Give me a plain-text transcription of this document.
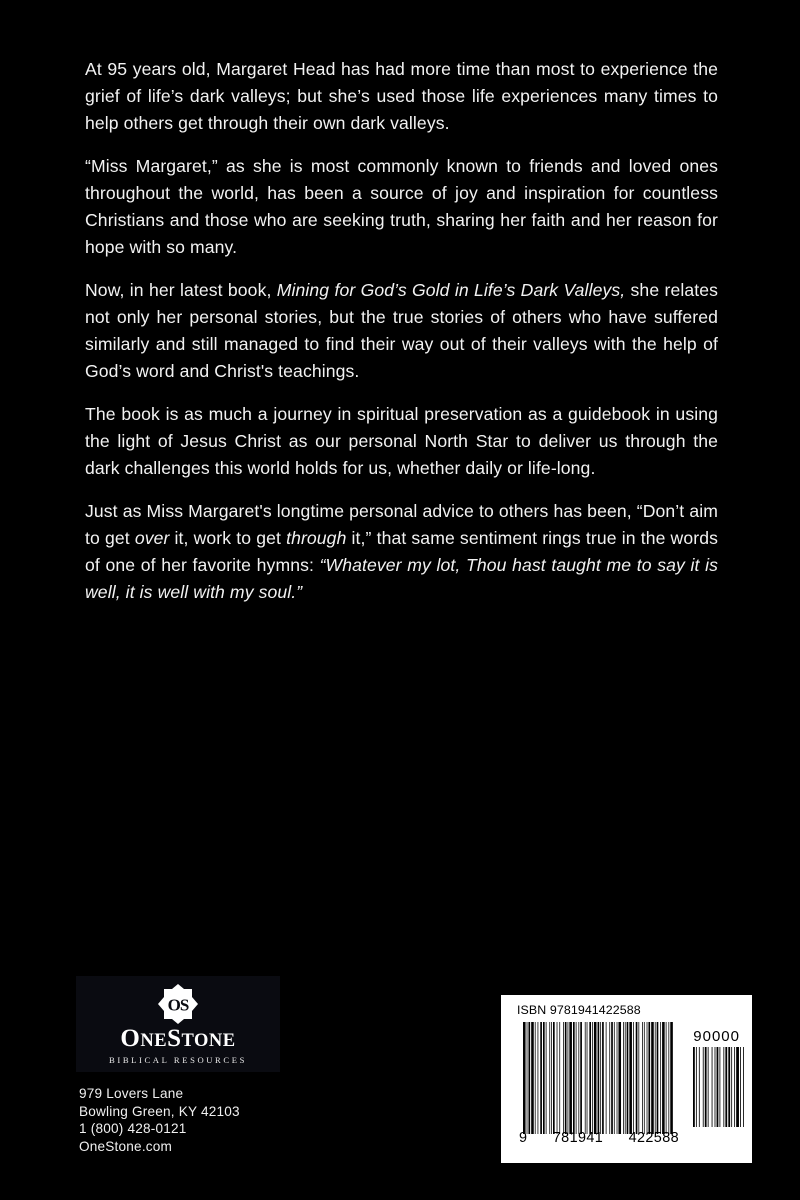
At 95 years old, Margaret Head has had more time than most to experience the grief of life’s dark valleys; but she’s used those life experiences many times to help others get through their own dark valleys.

“Miss Margaret,” as she is most commonly known to friends and loved ones throughout the world, has been a source of joy and inspiration for countless Christians and those who are seeking truth, sharing her faith and her reason for hope with so many.

Now, in her latest book, Mining for God’s Gold in Life’s Dark Valleys, she relates not only her personal stories, but the true stories of others who have suffered similarly and still managed to find their way out of their valleys with the help of God’s word and Christ's teachings.

The book is as much a journey in spiritual preservation as a guidebook in using the light of Jesus Christ as our personal North Star to deliver us through the dark challenges this world holds for us, whether daily or life-long.

Just as Miss Margaret's longtime personal advice to others has been, “Don’t aim to get over it, work to get through it,” that same sentiment rings true in the words of one of her favorite hymns: “Whatever my lot, Thou hast taught me to say it is well, it is well with my soul.”

OS
ONESTONE
BIBLICAL RESOURCES
979 Lovers Lane
Bowling Green, KY 42103
1 (800) 428-0121
OneStone.com
ISBN 9781941422588
90000
9 781941 422588
